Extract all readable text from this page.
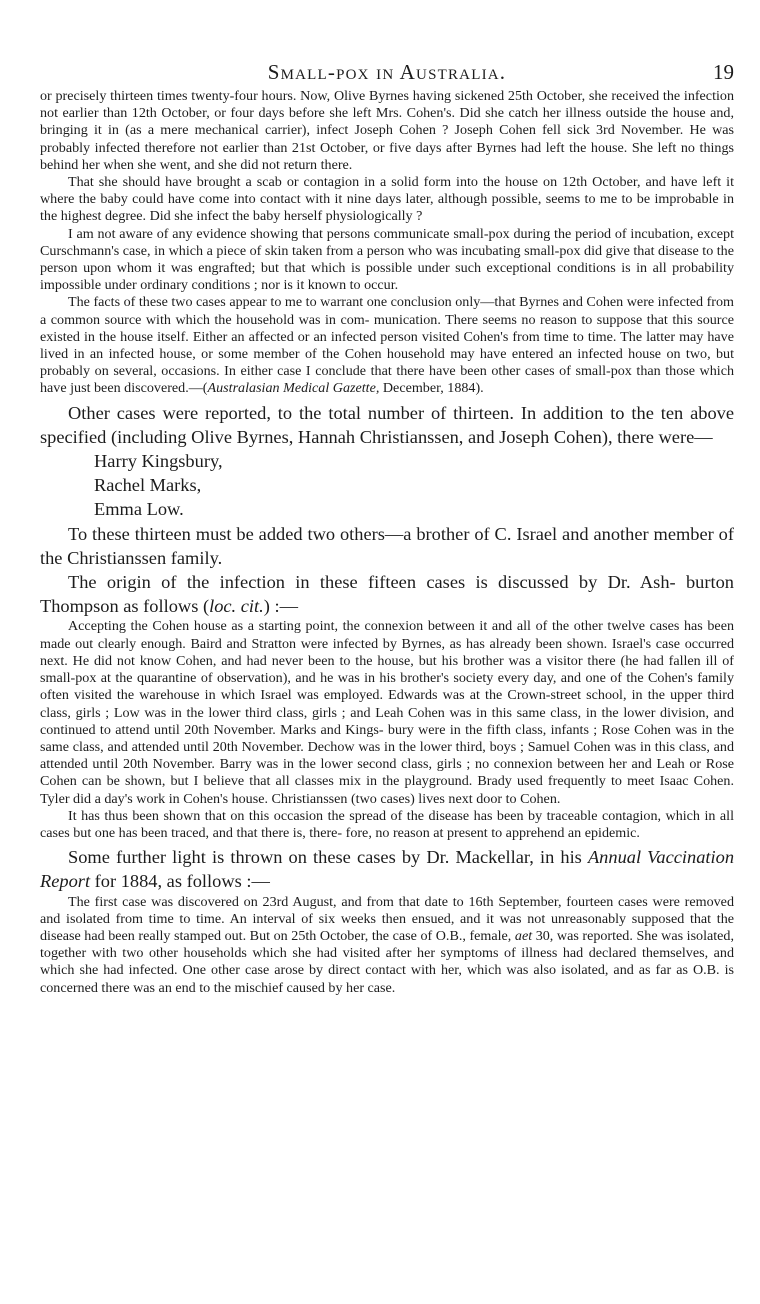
Small-pox in Australia.	19

or precisely thirteen times twenty-four hours. Now, Olive Byrnes having sickened 25th October, she received the infection not earlier than 12th October, or four days before she left Mrs. Cohen's. Did she catch her illness outside the house and, bringing it in (as a mere mechanical carrier), infect Joseph Cohen ? Joseph Cohen fell sick 3rd November. He was probably infected therefore not earlier than 21st October, or five days after Byrnes had left the house. She left no things behind her when she went, and she did not return there.

That she should have brought a scab or contagion in a solid form into the house on 12th October, and have left it where the baby could have come into contact with it nine days later, although possible, seems to me to be improbable in the highest degree. Did she infect the baby herself physiologically ?

I am not aware of any evidence showing that persons communicate small-pox during the period of incubation, except Curschmann's case, in which a piece of skin taken from a person who was incubating small-pox did give that disease to the person upon whom it was engrafted; but that which is possible under such exceptional conditions is in all probability impossible under ordinary conditions ; nor is it known to occur.

The facts of these two cases appear to me to warrant one conclusion only—that Byrnes and Cohen were infected from a common source with which the household was in com- munication. There seems no reason to suppose that this source existed in the house itself. Either an affected or an infected person visited Cohen's from time to time. The latter may have lived in an infected house, or some member of the Cohen household may have entered an infected house on two, but probably on several, occasions. In either case I conclude that there have been other cases of small-pox than those which have just been discovered.—(Australasian Medical Gazette, December, 1884).

Other cases were reported, to the total number of thirteen. In addition to the ten above specified (including Olive Byrnes, Hannah Christianssen, and Joseph Cohen), there were—

Harry Kingsbury,
Rachel Marks,
Emma Low.

To these thirteen must be added two others—a brother of C. Israel and another member of the Christianssen family.

The origin of the infection in these fifteen cases is discussed by Dr. Ash- burton Thompson as follows (loc. cit.) :—

Accepting the Cohen house as a starting point, the connexion between it and all of the other twelve cases has been made out clearly enough. Baird and Stratton were infected by Byrnes, as has already been shown. Israel's case occurred next. He did not know Cohen, and had never been to the house, but his brother was a visitor there (he had fallen ill of small-pox at the quarantine of observation), and he was in his brother's society every day, and one of the Cohen's family often visited the warehouse in which Israel was employed. Edwards was at the Crown-street school, in the upper third class, girls ; Low was in the lower third class, girls ; and Leah Cohen was in this same class, in the lower division, and continued to attend until 20th November. Marks and Kings- bury were in the fifth class, infants ; Rose Cohen was in the same class, and attended until 20th November. Dechow was in the lower third, boys ; Samuel Cohen was in this class, and attended until 20th November. Barry was in the lower second class, girls ; no connexion between her and Leah or Rose Cohen can be shown, but I believe that all classes mix in the playground. Brady used frequently to meet Isaac Cohen. Tyler did a day's work in Cohen's house. Christianssen (two cases) lives next door to Cohen.

It has thus been shown that on this occasion the spread of the disease has been by traceable contagion, which in all cases but one has been traced, and that there is, there- fore, no reason at present to apprehend an epidemic.

Some further light is thrown on these cases by Dr. Mackellar, in his Annual Vaccination Report for 1884, as follows :—

The first case was discovered on 23rd August, and from that date to 16th September, fourteen cases were removed and isolated from time to time. An interval of six weeks then ensued, and it was not unreasonably supposed that the disease had been really stamped out. But on 25th October, the case of O.B., female, aet 30, was reported. She was isolated, together with two other households which she had visited after her symptoms of illness had declared themselves, and which she had infected. One other case arose by direct contact with her, which was also isolated, and as far as O.B. is concerned there was an end to the mischief caused by her case.
